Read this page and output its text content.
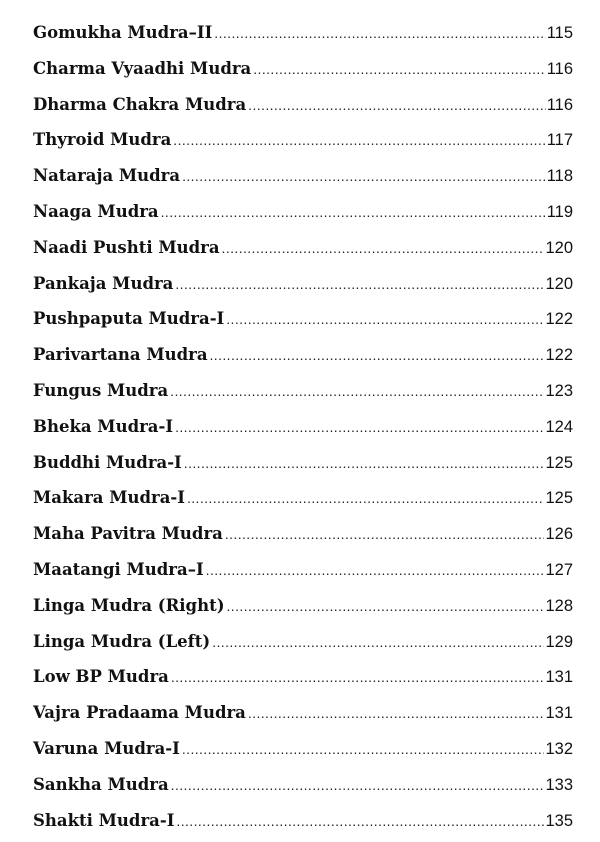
Gomukha Mudra–II .....	115
Charma Vyaadhi Mudra .....	116
Dharma Chakra Mudra .....	116
Thyroid Mudra .....	117
Nataraja Mudra .....	118
Naaga Mudra .....	119
Naadi Pushti Mudra .....	120
Pankaja Mudra .....	120
Pushpaputa Mudra-I .....	122
Parivartana Mudra .....	122
Fungus Mudra .....	123
Bheka Mudra-I .....	124
Buddhi Mudra-I .....	125
Makara Mudra-I .....	125
Maha Pavitra Mudra .....	126
Maatangi Mudra–I .....	127
Linga Mudra (Right) .....	128
Linga Mudra (Left) .....	129
Low BP Mudra .....	131
Vajra Pradaama Mudra .....	131
Varuna Mudra-I .....	132
Sankha Mudra .....	133
Shakti Mudra-I .....	135
